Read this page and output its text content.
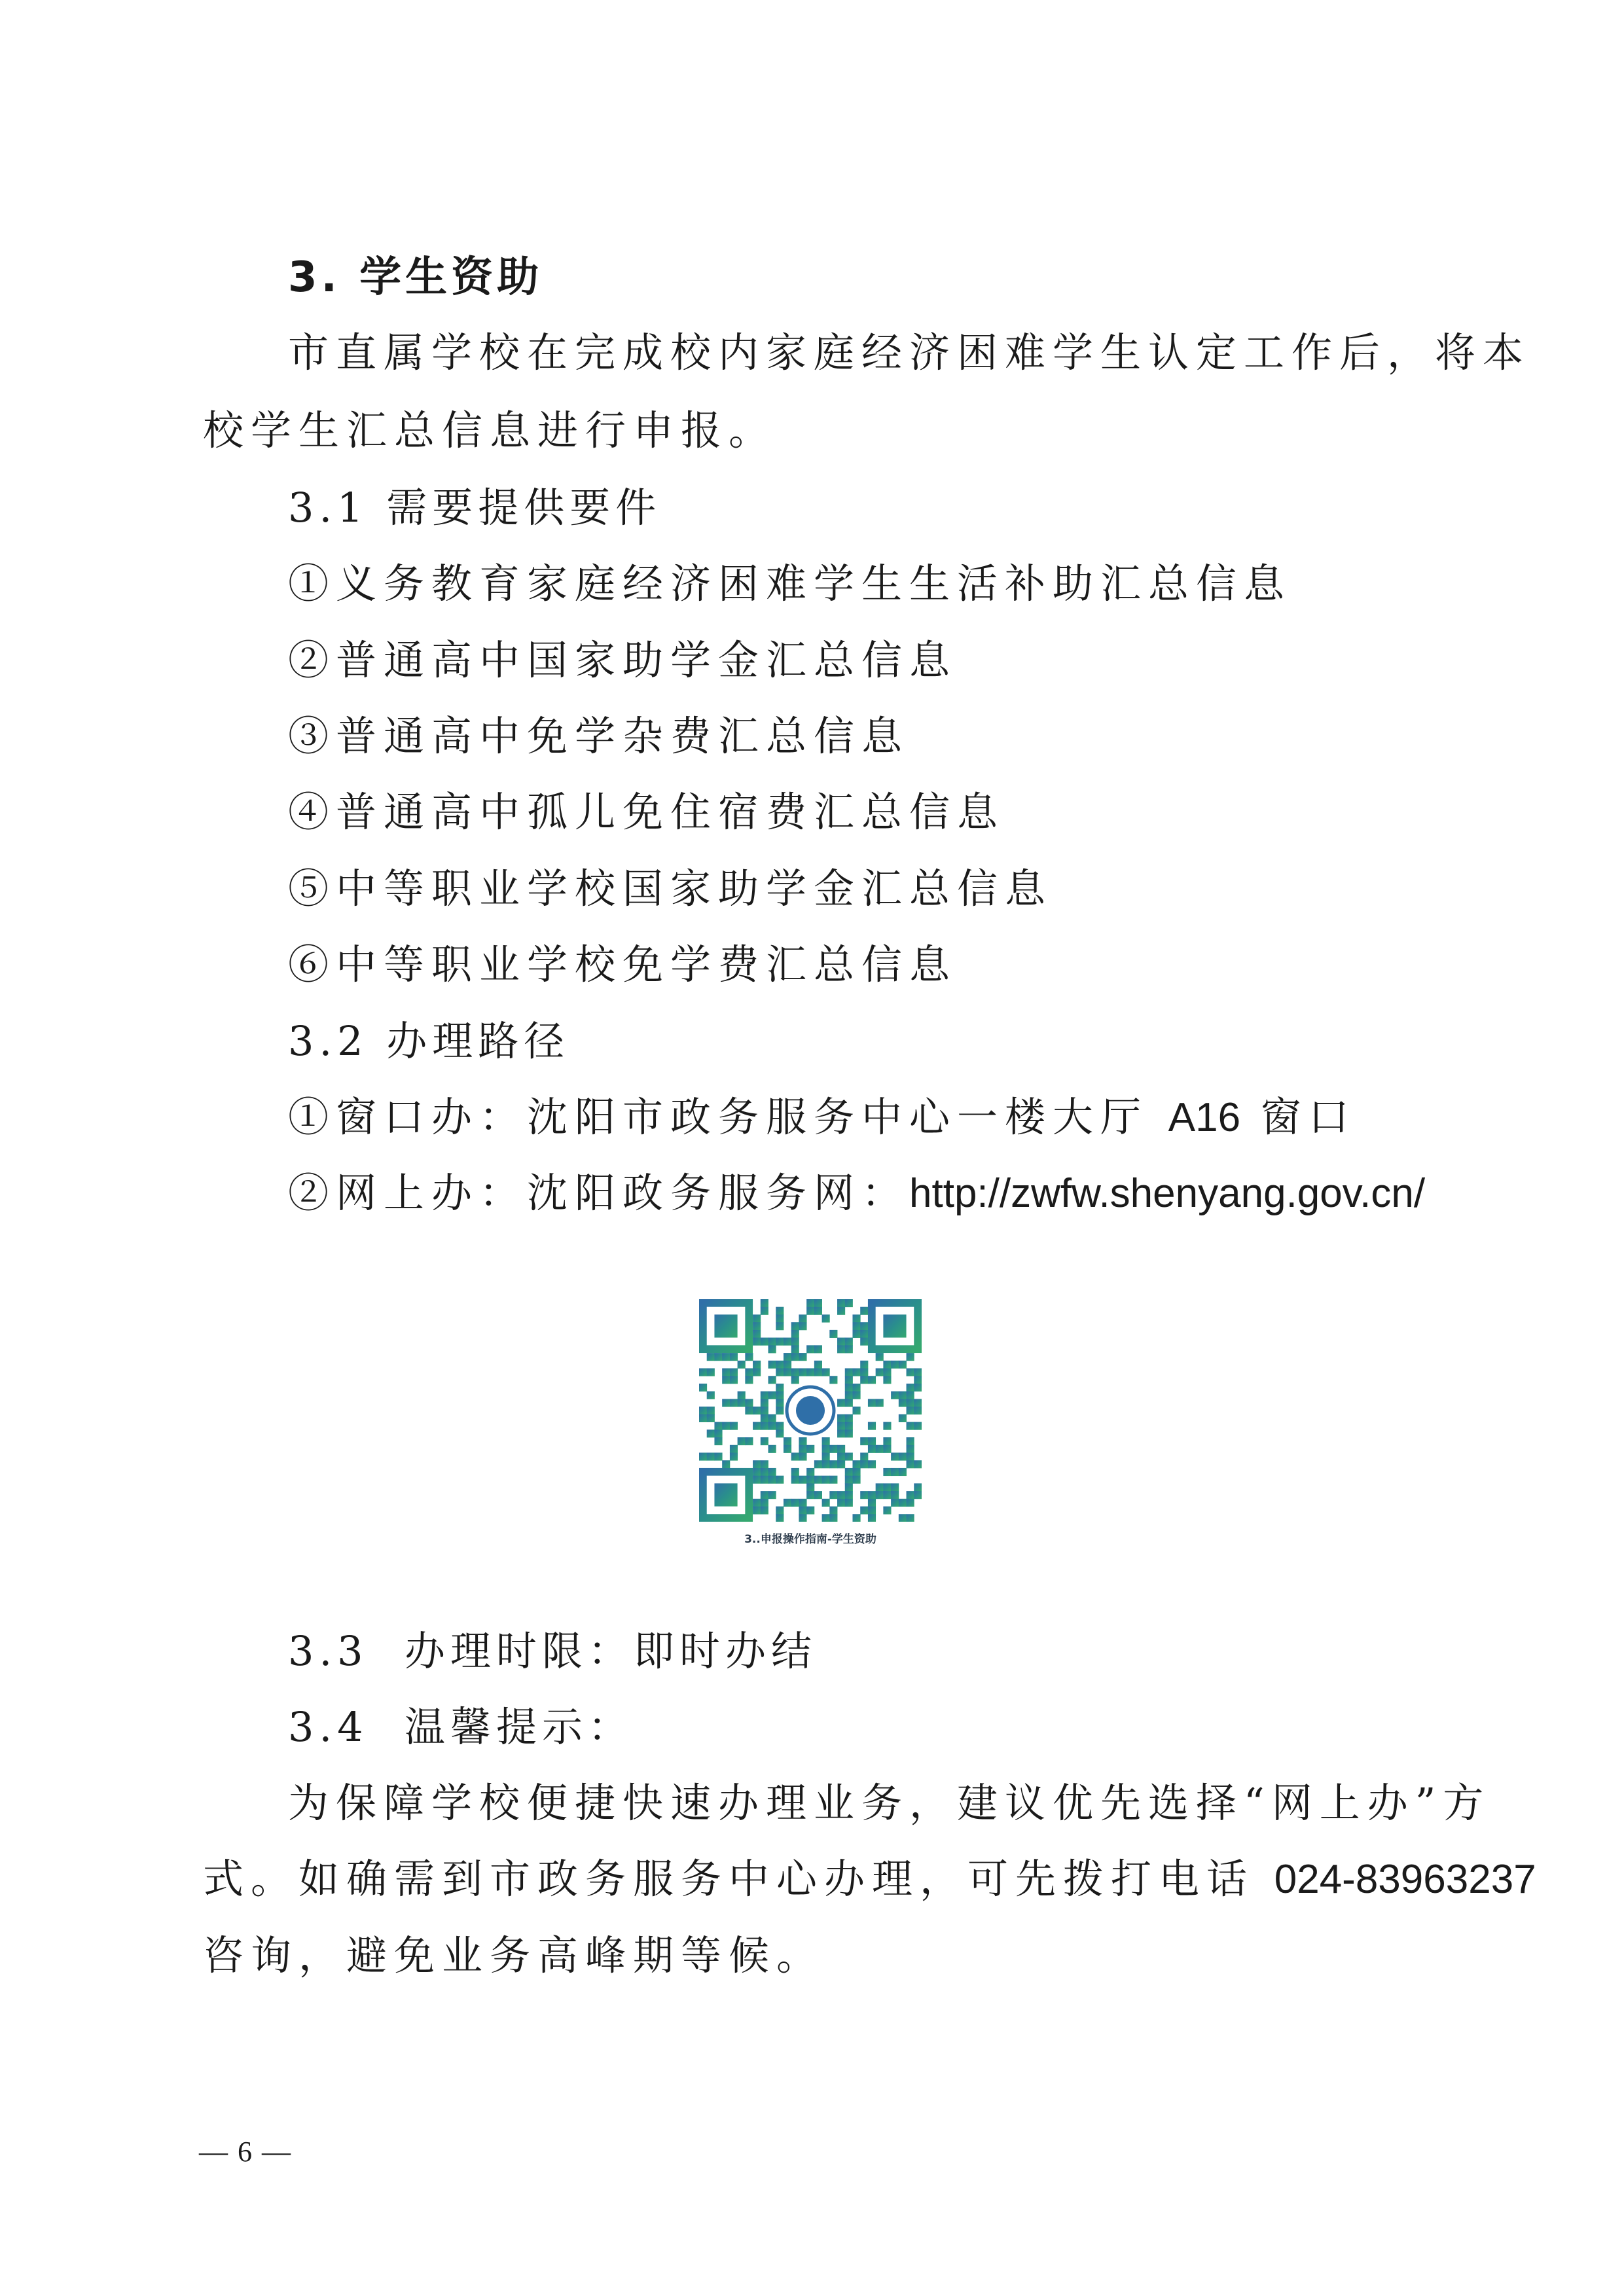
3. 学生资助
市直属学校在完成校内家庭经济困难学生认定工作后，将本
校学生汇总信息进行申报。
3.1 需要提供要件
①义务教育家庭经济困难学生生活补助汇总信息
②普通高中国家助学金汇总信息
③普通高中免学杂费汇总信息
④普通高中孤儿免住宿费汇总信息
⑤中等职业学校国家助学金汇总信息
⑥中等职业学校免学费汇总信息
3.2 办理路径
①窗口办：沈阳市政务服务中心一楼大厅 A16 窗口
②网上办：沈阳政务服务网：http://zwfw.shenyang.gov.cn/
3..申报操作指南-学生资助
3.3  办理时限：即时办结
3.4  温馨提示：
为保障学校便捷快速办理业务，建议优先选择“网上办”方
式。如确需到市政务服务中心办理，可先拨打电话 024-83963237
咨询，避免业务高峰期等候。
— 6 —
